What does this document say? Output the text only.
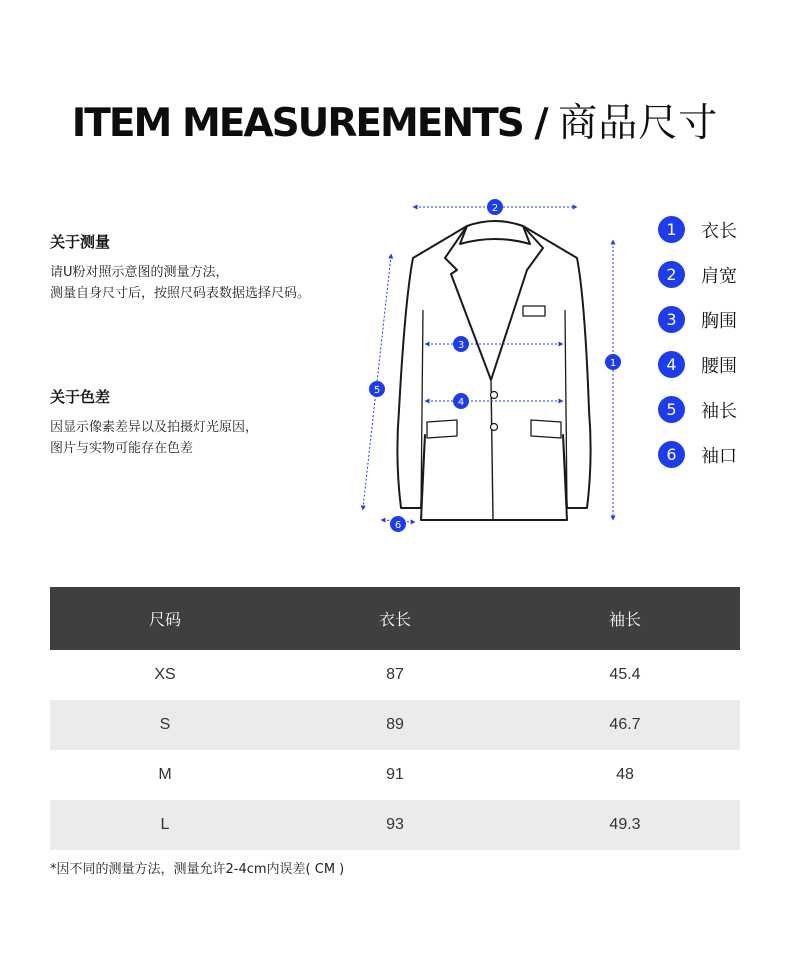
ITEM MEASUREMENTS / 商品尺寸
关于测量
请U粉对照示意图的测量方法，
测量自身尺寸后，按照尺码表数据选择尺码。
关于色差
因显示像素差异以及拍摄灯光原因，
图片与实物可能存在色差
2
1
3
4
5
6
1	衣长
2	肩宽
3	胸围
4	腰围
5	袖长
6	袖口
尺码	衣长	袖长
XS	87	45.4
S	89	46.7
M	91	48
L	93	49.3
*因不同的测量方法，测量允许2-4cm内误差( CM )
